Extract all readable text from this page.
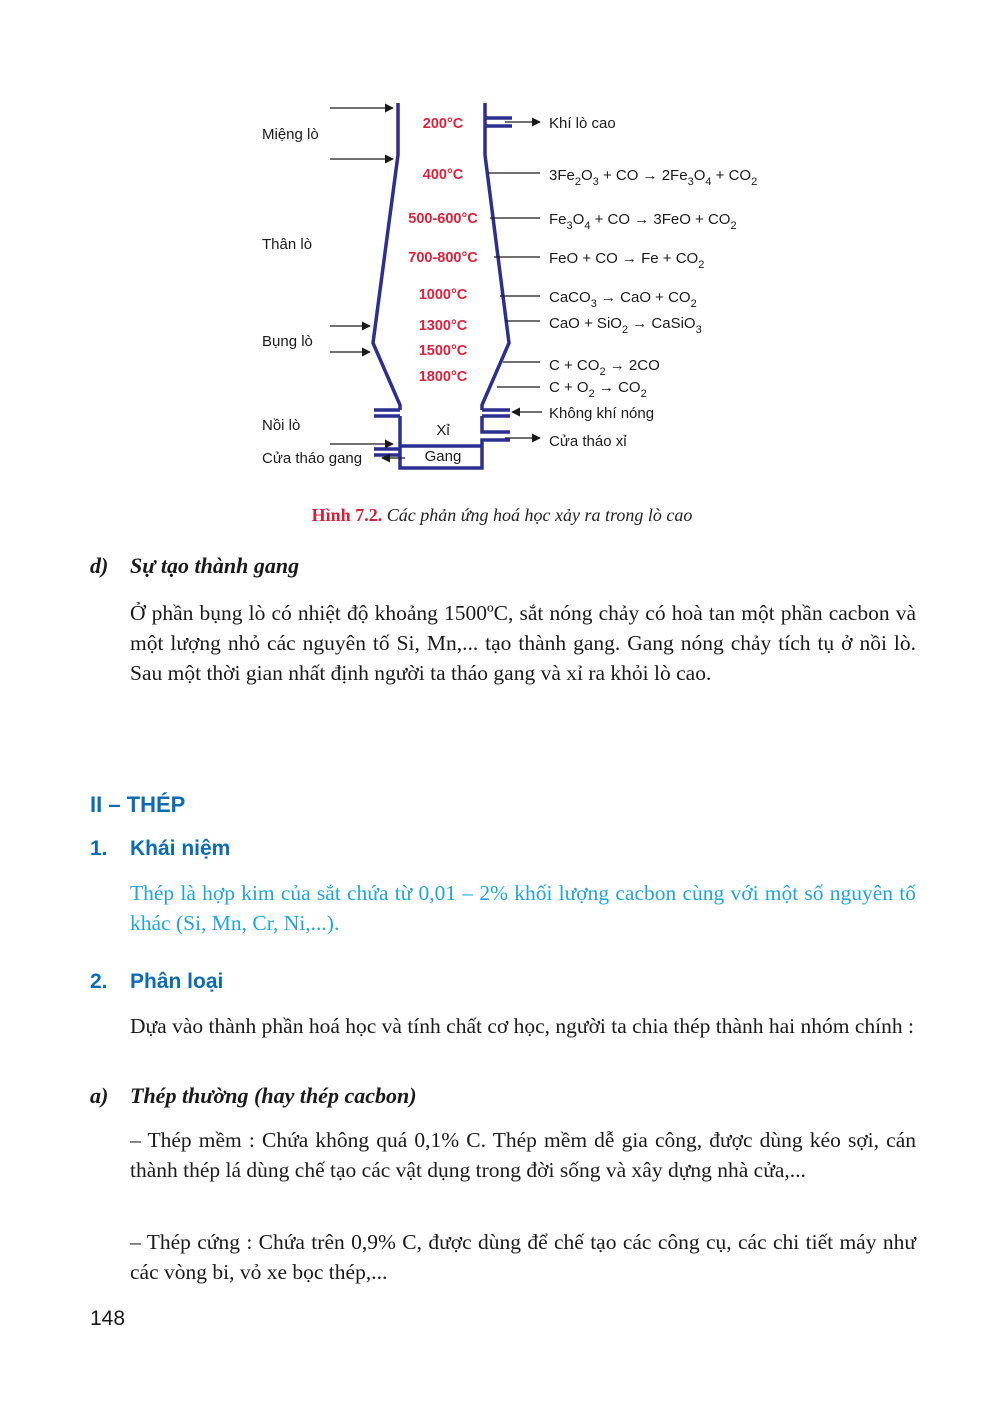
Miệng lò
Thân lò
Bụng lò
Nồi lò
Cửa tháo gang
200°C
400°C
500-600°C
700-800°C
1000°C
1300°C
1500°C
1800°C
Xỉ
Gang
Khí lò cao
$3Fe_2O_3$ + CO → $2Fe_3O_4 + CO_2$
$Fe_3O_4$ + CO → $3FeO + CO_2$
FeO + CO → $Fe + CO_2$
CaCO$_3$ → CaO + $CO_2$
CaO + SiO$_2$ → CaSiO$_3$
$C + CO_2 \to 2CO$
$C + O_2 \to CO_2$
Không khí nóng
Cửa tháo xỉ
Hình 7.2. Các phản ứng hoá học xảy ra trong lò cao
d) Sự tạo thành gang
Ở phần bụng lò có nhiệt độ khoảng 1500ºC, sắt nóng chảy có hoà tan một phần cacbon và một lượng nhỏ các nguyên tố Si, Mn,... tạo thành gang. Gang nóng chảy tích tụ ở nồi lò. Sau một thời gian nhất định người ta tháo gang và xỉ ra khỏi lò cao.
II – THÉP
1. Khái niệm
Thép là hợp kim của sắt chứa từ 0,01 – 2% khối lượng cacbon cùng với một số nguyên tố khác (Si, Mn, Cr, Ni,...).
2. Phân loại
Dựa vào thành phần hoá học và tính chất cơ học, người ta chia thép thành hai nhóm chính :
a) Thép thường (hay thép cacbon)
– Thép mềm : Chứa không quá 0,1% C. Thép mềm dễ gia công, được dùng kéo sợi, cán thành thép lá dùng chế tạo các vật dụng trong đời sống và xây dựng nhà cửa,...
– Thép cứng : Chứa trên 0,9% C, được dùng để chế tạo các công cụ, các chi tiết máy như các vòng bi, vỏ xe bọc thép,...
148
